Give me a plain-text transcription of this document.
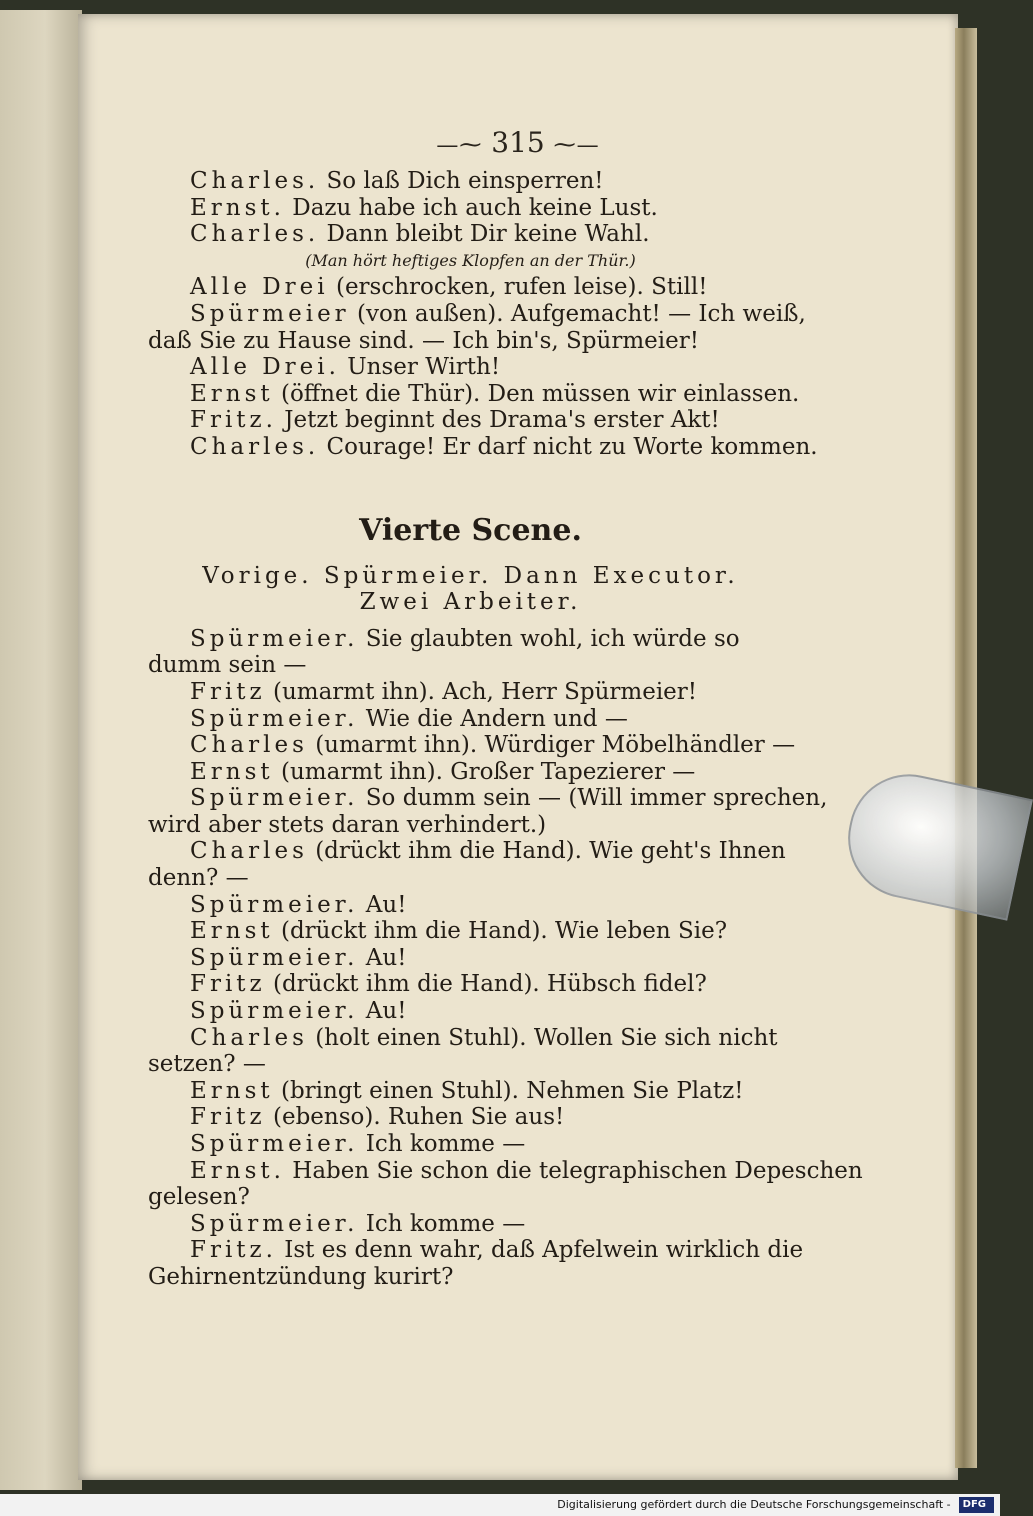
—⁓ 315 ⁓—
Charles. So laß Dich einsperren!
Ernst. Dazu habe ich auch keine Lust.
Charles. Dann bleibt Dir keine Wahl.
(Man hört heftiges Klopfen an der Thür.)
Alle Drei (erschrocken, rufen leise). Still!
Spürmeier (von außen). Aufgemacht! — Ich weiß,
daß Sie zu Hause sind. — Ich bin's, Spürmeier!
Alle Drei. Unser Wirth!
Ernst (öffnet die Thür). Den müssen wir einlassen.
Fritz. Jetzt beginnt des Drama's erster Akt!
Charles. Courage! Er darf nicht zu Worte kommen.
Vierte Scene.
Vorige. Spürmeier. Dann Executor.
Zwei Arbeiter.
Spürmeier. Sie glaubten wohl, ich würde so
dumm sein —
Fritz (umarmt ihn). Ach, Herr Spürmeier!
Spürmeier. Wie die Andern und —
Charles (umarmt ihn). Würdiger Möbelhändler —
Ernst (umarmt ihn). Großer Tapezierer —
Spürmeier. So dumm sein — (Will immer sprechen,
wird aber stets daran verhindert.)
Charles (drückt ihm die Hand). Wie geht's Ihnen
denn? —
Spürmeier. Au!
Ernst (drückt ihm die Hand). Wie leben Sie?
Spürmeier. Au!
Fritz (drückt ihm die Hand). Hübsch fidel?
Spürmeier. Au!
Charles (holt einen Stuhl). Wollen Sie sich nicht
setzen? —
Ernst (bringt einen Stuhl). Nehmen Sie Platz!
Fritz (ebenso). Ruhen Sie aus!
Spürmeier. Ich komme —
Ernst. Haben Sie schon die telegraphischen Depeschen
gelesen?
Spürmeier. Ich komme —
Fritz. Ist es denn wahr, daß Apfelwein wirklich die
Gehirnentzündung kurirt?
Digitalisierung gefördert durch die Deutsche Forschungsgemeinschaft - DFG
